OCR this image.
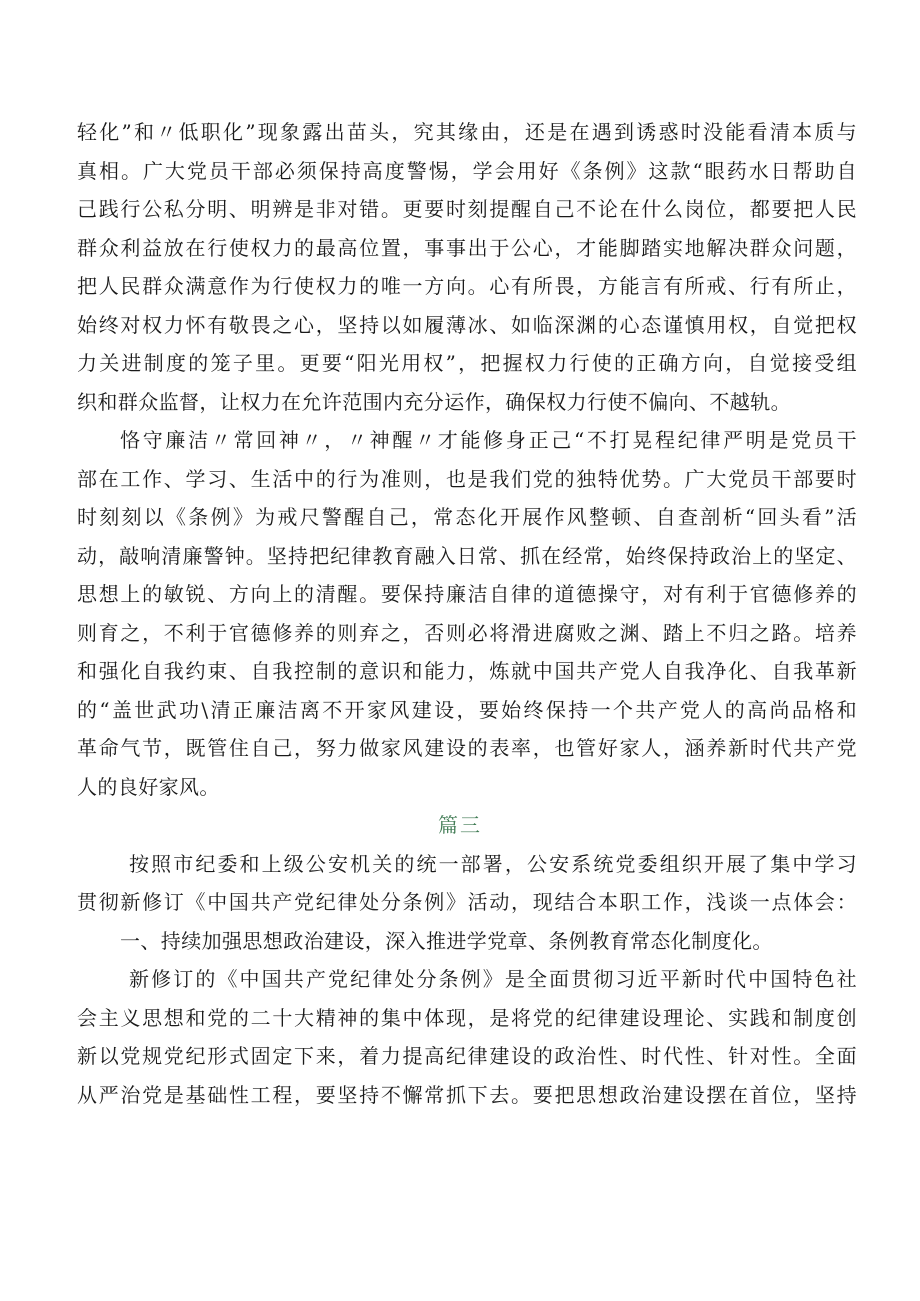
轻化”和〃低职化”现象露出苗头，究其缘由，还是在遇到诱惑时没能看清本质与
真相。广大党员干部必须保持高度警惕，学会用好《条例》这款“眼药水日帮助自
己践行公私分明、明辨是非对错。更要时刻提醒自己不论在什么岗位，都要把人民
群众利益放在行使权力的最高位置，事事出于公心，才能脚踏实地解决群众问题，
把人民群众满意作为行使权力的唯一方向。心有所畏，方能言有所戒、行有所止，
始终对权力怀有敬畏之心，坚持以如履薄冰、如临深渊的心态谨慎用权，自觉把权
力关进制度的笼子里。更要“阳光用权”，把握权力行使的正确方向，自觉接受组
织和群众监督，让权力在允许范围内充分运作，确保权力行使不偏向、不越轨。
恪守廉洁〃常回神〃，〃神醒〃才能修身正己“不打晃程纪律严明是党员干
部在工作、学习、生活中的行为准则，也是我们党的独特优势。广大党员干部要时
时刻刻以《条例》为戒尺警醒自己，常态化开展作风整顿、自查剖析“回头看”活
动，敲响清廉警钟。坚持把纪律教育融入日常、抓在经常，始终保持政治上的坚定、
思想上的敏锐、方向上的清醒。要保持廉洁自律的道德操守，对有利于官德修养的
则育之，不利于官德修养的则弃之，否则必将滑进腐败之渊、踏上不归之路。培养
和强化自我约束、自我控制的意识和能力，炼就中国共产党人自我净化、自我革新
的“盖世武功\清正廉洁离不开家风建设，要始终保持一个共产党人的高尚品格和
革命气节，既管住自己，努力做家风建设的表率，也管好家人，涵养新时代共产党
人的良好家风。
篇三
按照市纪委和上级公安机关的统一部署，公安系统党委组织开展了集中学习
贯彻新修订《中国共产党纪律处分条例》活动，现结合本职工作，浅谈一点体会：
一、持续加强思想政治建设，深入推进学党章、条例教育常态化制度化。
新修订的《中国共产党纪律处分条例》是全面贯彻习近平新时代中国特色社
会主义思想和党的二十大精神的集中体现，是将党的纪律建设理论、实践和制度创
新以党规党纪形式固定下来，着力提高纪律建设的政治性、时代性、针对性。全面
从严治党是基础性工程，要坚持不懈常抓下去。要把思想政治建设摆在首位，坚持
